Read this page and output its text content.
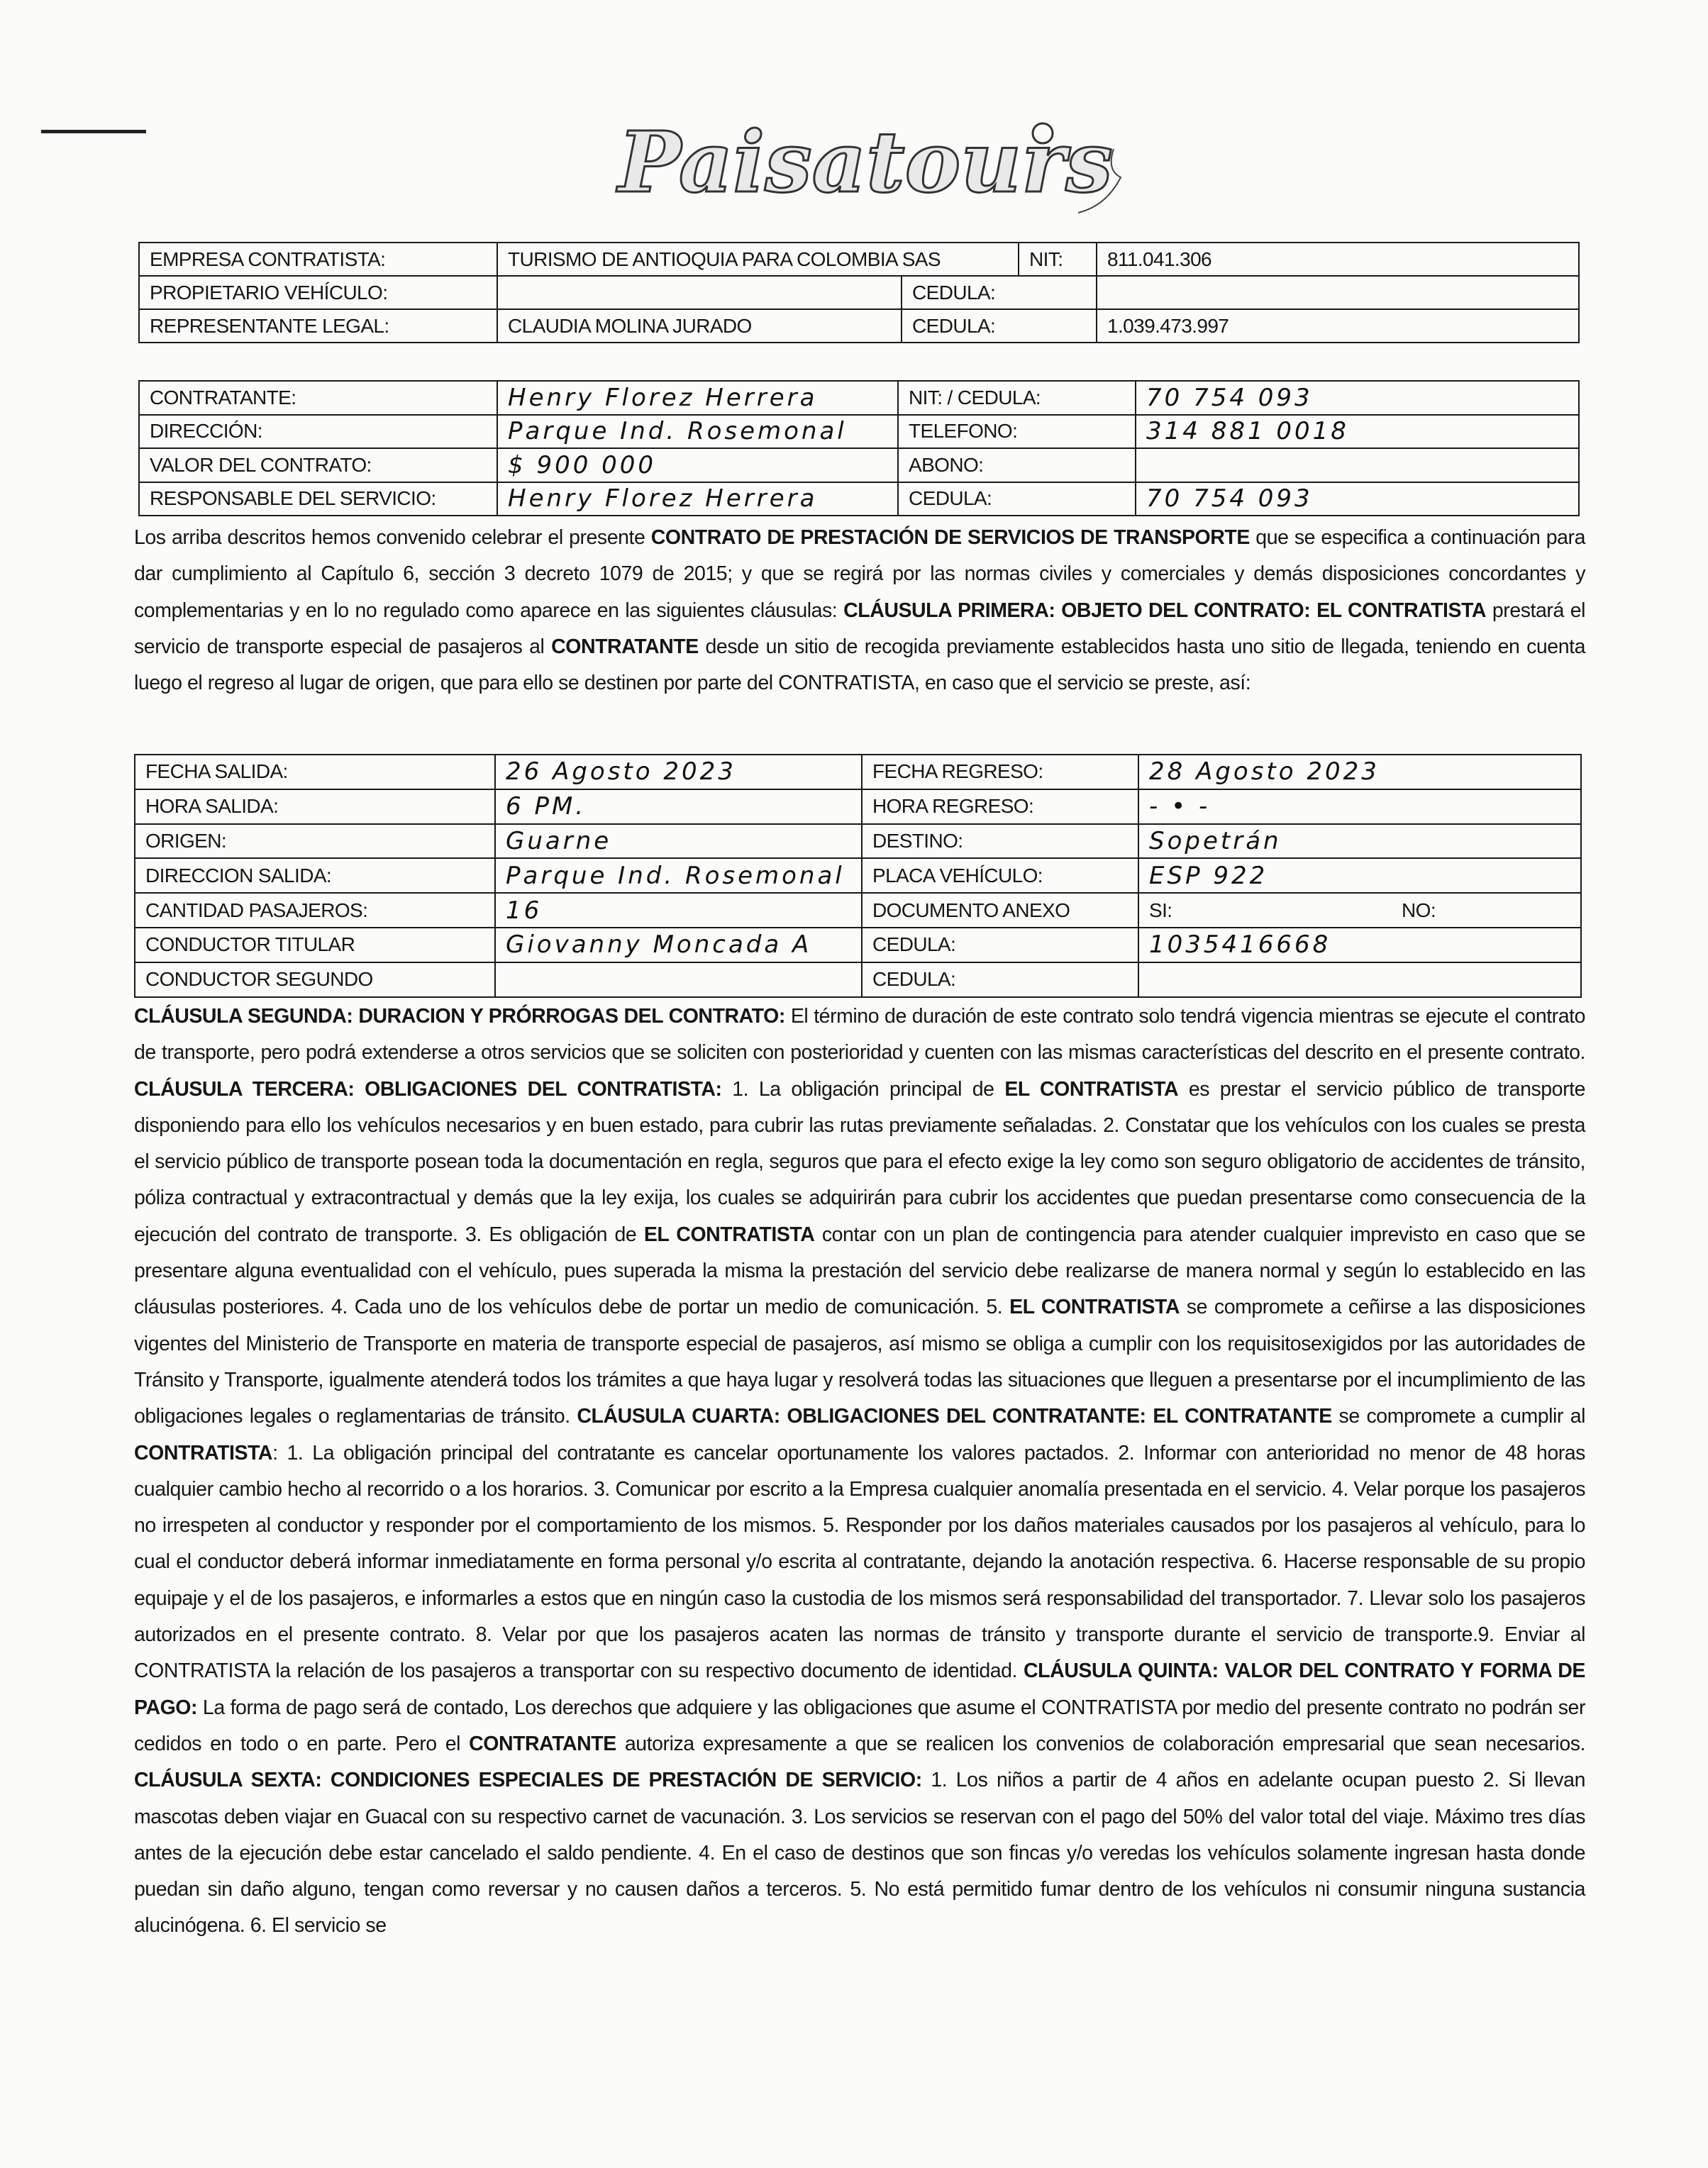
Paisatours
EMPRESA CONTRATISTA:	TURISMO DE ANTIOQUIA PARA COLOMBIA SAS		NIT:	811.041.306
PROPIETARIO VEHÍCULO:		CEDULA:		
REPRESENTANTE LEGAL:	CLAUDIA MOLINA JURADO	CEDULA:		1.039.473.997
CONTRATANTE:	Henry Florez Herrera	NIT: / CEDULA:	70 754 093
DIRECCIÓN:	Parque Ind. Rosemonal	TELEFONO:	314 881 0018
VALOR DEL CONTRATO:	$ 900 000	ABONO:	
RESPONSABLE DEL SERVICIO:	Henry Florez Herrera	CEDULA:	70 754 093
Los arriba descritos hemos convenido celebrar el presente CONTRATO DE PRESTACIÓN DE SERVICIOS DE TRANSPORTE que se especifica a continuación para dar cumplimiento al Capítulo 6, sección 3 decreto 1079 de 2015; y que se regirá por las normas civiles y comerciales y demás disposiciones concordantes y complementarias y en lo no regulado como aparece en las siguientes cláusulas: CLÁUSULA PRIMERA: OBJETO DEL CONTRATO: EL CONTRATISTA prestará el servicio de transporte especial de pasajeros al CONTRATANTE desde un sitio de recogida previamente establecidos hasta uno sitio de llegada, teniendo en cuenta luego el regreso al lugar de origen, que para ello se destinen por parte del CONTRATISTA, en caso que el servicio se preste, así:
FECHA SALIDA:	26 Agosto 2023	FECHA REGRESO:	28 Agosto 2023
HORA SALIDA:	6 PM.	HORA REGRESO:	- • -
ORIGEN:	Guarne	DESTINO:	Sopetrán
DIRECCION SALIDA:	Parque Ind. Rosemonal	PLACA VEHÍCULO:	ESP 922
CANTIDAD PASAJEROS:	16	DOCUMENTO ANEXO	SI: NO:

CONDUCTOR TITULAR	Giovanny Moncada A	CEDULA:	1035416668
CONDUCTOR SEGUNDO		CEDULA:	
CLÁUSULA SEGUNDA: DURACION Y PRÓRROGAS DEL CONTRATO: El término de duración de este contrato solo tendrá vigencia mientras se ejecute el contrato de transporte, pero podrá extenderse a otros servicios que se soliciten con posterioridad y cuenten con las mismas características del descrito en el presente contrato. CLÁUSULA TERCERA: OBLIGACIONES DEL CONTRATISTA: 1. La obligación principal de EL CONTRATISTA es prestar el servicio público de transporte disponiendo para ello los vehículos necesarios y en buen estado, para cubrir las rutas previamente señaladas. 2. Constatar que los vehículos con los cuales se presta el servicio público de transporte posean toda la documentación en regla, seguros que para el efecto exige la ley como son seguro obligatorio de accidentes de tránsito, póliza contractual y extracontractual y demás que la ley exija, los cuales se adquirirán para cubrir los accidentes que puedan presentarse como consecuencia de la ejecución del contrato de transporte. 3. Es obligación de EL CONTRATISTA contar con un plan de contingencia para atender cualquier imprevisto en caso que se presentare alguna eventualidad con el vehículo, pues superada la misma la prestación del servicio debe realizarse de manera normal y según lo establecido en las cláusulas posteriores. 4. Cada uno de los vehículos debe de portar un medio de comunicación. 5. EL CONTRATISTA se compromete a ceñirse a las disposiciones vigentes del Ministerio de Transporte en materia de transporte especial de pasajeros, así mismo se obliga a cumplir con los requisitosexigidos por las autoridades de Tránsito y Transporte, igualmente atenderá todos los trámites a que haya lugar y resolverá todas las situaciones que lleguen a presentarse por el incumplimiento de las obligaciones legales o reglamentarias de tránsito. CLÁUSULA CUARTA: OBLIGACIONES DEL CONTRATANTE: EL CONTRATANTE se compromete a cumplir al CONTRATISTA: 1. La obligación principal del contratante es cancelar oportunamente los valores pactados. 2. Informar con anterioridad no menor de 48 horas cualquier cambio hecho al recorrido o a los horarios. 3. Comunicar por escrito a la Empresa cualquier anomalía presentada en el servicio. 4. Velar porque los pasajeros no irrespeten al conductor y responder por el comportamiento de los mismos. 5. Responder por los daños materiales causados por los pasajeros al vehículo, para lo cual el conductor deberá informar inmediatamente en forma personal y/o escrita al contratante, dejando la anotación respectiva. 6. Hacerse responsable de su propio equipaje y el de los pasajeros, e informarles a estos que en ningún caso la custodia de los mismos será responsabilidad del transportador. 7. Llevar solo los pasajeros autorizados en el presente contrato. 8. Velar por que los pasajeros acaten las normas de tránsito y transporte durante el servicio de transporte.9. Enviar al CONTRATISTA la relación de los pasajeros a transportar con su respectivo documento de identidad. CLÁUSULA QUINTA: VALOR DEL CONTRATO Y FORMA DE PAGO: La forma de pago será de contado, Los derechos que adquiere y las obligaciones que asume el CONTRATISTA por medio del presente contrato no podrán ser cedidos en todo o en parte. Pero el CONTRATANTE autoriza expresamente a que se realicen los convenios de colaboración empresarial que sean necesarios. CLÁUSULA SEXTA: CONDICIONES ESPECIALES DE PRESTACIÓN DE SERVICIO: 1. Los niños a partir de 4 años en adelante ocupan puesto 2. Si llevan mascotas deben viajar en Guacal con su respectivo carnet de vacunación. 3. Los servicios se reservan con el pago del 50% del valor total del viaje. Máximo tres días antes de la ejecución debe estar cancelado el saldo pendiente. 4. En el caso de destinos que son fincas y/o veredas los vehículos solamente ingresan hasta donde puedan sin daño alguno, tengan como reversar y no causen daños a terceros. 5. No está permitido fumar dentro de los vehículos ni consumir ninguna sustancia alucinógena. 6. El servicio se
